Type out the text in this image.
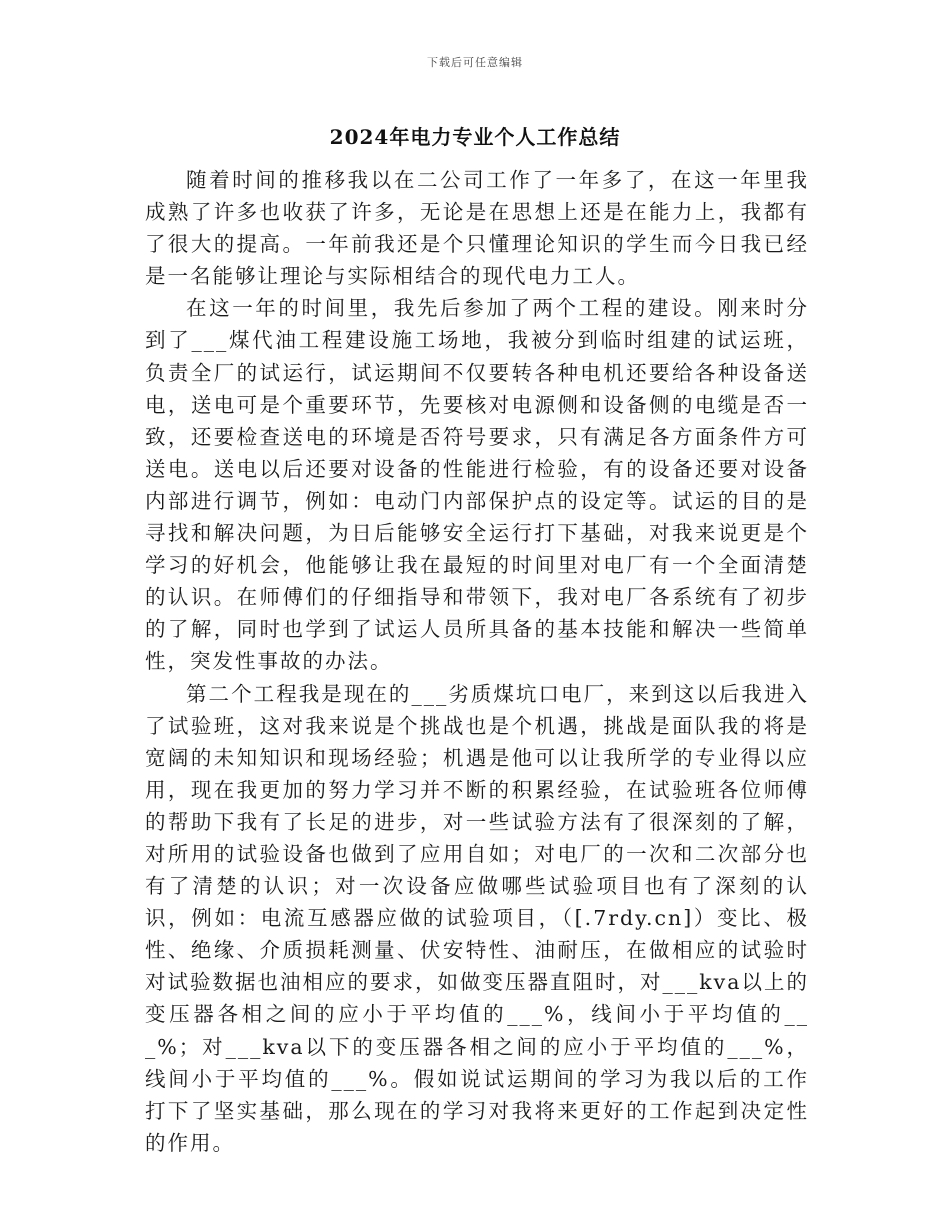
下载后可任意编辑
2024年电力专业个人工作总结

随着时间的推移我以在二公司工作了一年多了，在这一年里我成熟了许多也收获了许多，无论是在思想上还是在能力上，我都有了很大的提高。一年前我还是个只懂理论知识的学生而今日我已经是一名能够让理论与实际相结合的现代电力工人。

在这一年的时间里，我先后参加了两个工程的建设。刚来时分到了___煤代油工程建设施工场地，我被分到临时组建的试运班，负责全厂的试运行，试运期间不仅要转各种电机还要给各种设备送电，送电可是个重要环节，先要核对电源侧和设备侧的电缆是否一致，还要检查送电的环境是否符号要求，只有满足各方面条件方可送电。送电以后还要对设备的性能进行检验，有的设备还要对设备内部进行调节，例如：电动门内部保护点的设定等。试运的目的是寻找和解决问题，为日后能够安全运行打下基础，对我来说更是个学习的好机会，他能够让我在最短的时间里对电厂有一个全面清楚的认识。在师傅们的仔细指导和带领下，我对电厂各系统有了初步的了解，同时也学到了试运人员所具备的基本技能和解决一些简单性，突发性事故的办法。

第二个工程我是现在的___劣质煤坑口电厂，来到这以后我进入了试验班，这对我来说是个挑战也是个机遇，挑战是面队我的将是宽阔的未知知识和现场经验；机遇是他可以让我所学的专业得以应用，现在我更加的努力学习并不断的积累经验，在试验班各位师傅的帮助下我有了长足的进步，对一些试验方法有了很深刻的了解，对所用的试验设备也做到了应用自如；对电厂的一次和二次部分也有了清楚的认识；对一次设备应做哪些试验项目也有了深刻的认识，例如：电流互感器应做的试验项目，（[.7rdy.cn]）变比、极性、绝缘、介质损耗测量、伏安特性、油耐压，在做相应的试验时对试验数据也油相应的要求，如做变压器直阻时，对___kva以上的变压器各相之间的应小于平均值的___%，线间小于平均值的___%；对___kva以下的变压器各相之间的应小于平均值的___%，线间小于平均值的___%。假如说试运期间的学习为我以后的工作打下了坚实基础，那么现在的学习对我将来更好的工作起到决定性的作用。
